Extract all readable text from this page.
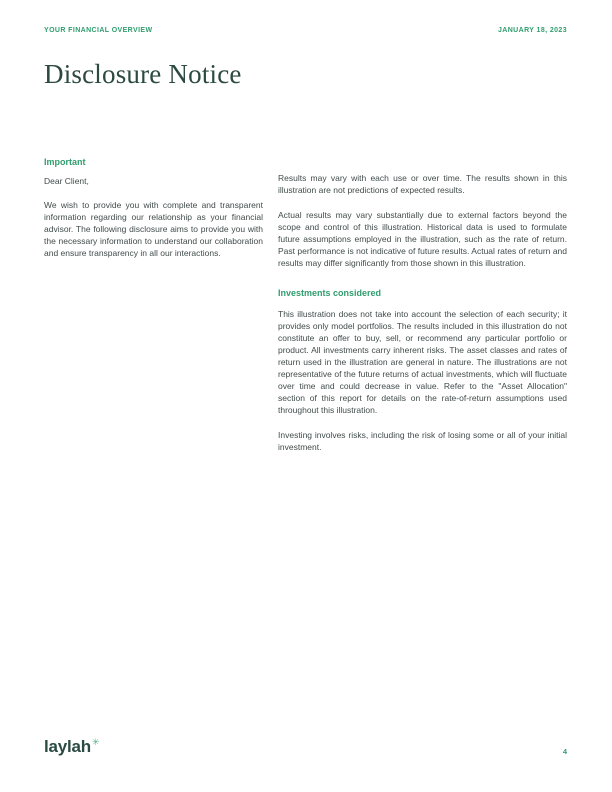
YOUR FINANCIAL OVERVIEW	JANUARY 18, 2023
Disclosure Notice

Important

Dear Client,

We wish to provide you with complete and transparent information regarding our relationship as your financial advisor. The following disclosure aims to provide you with the necessary information to understand our collaboration and ensure transparency in all our interactions.

Results may vary with each use or over time. The results shown in this illustration are not predictions of expected results.

Actual results may vary substantially due to external factors beyond the scope and control of this illustration. Historical data is used to formulate future assumptions employed in the illustration, such as the rate of return. Past performance is not indicative of future results. Actual rates of return and results may differ significantly from those shown in this illustration.

Investments considered

This illustration does not take into account the selection of each security; it provides only model portfolios. The results included in this illustration do not constitute an offer to buy, sell, or recommend any particular portfolio or product. All investments carry inherent risks. The asset classes and rates of return used in the illustration are general in nature. The illustrations are not representative of the future returns of actual investments, which will fluctuate over time and could decrease in value. Refer to the "Asset Allocation" section of this report for details on the rate-of-return assumptions used throughout this illustration.

Investing involves risks, including the risk of losing some or all of your initial investment.

laylah✳
4
